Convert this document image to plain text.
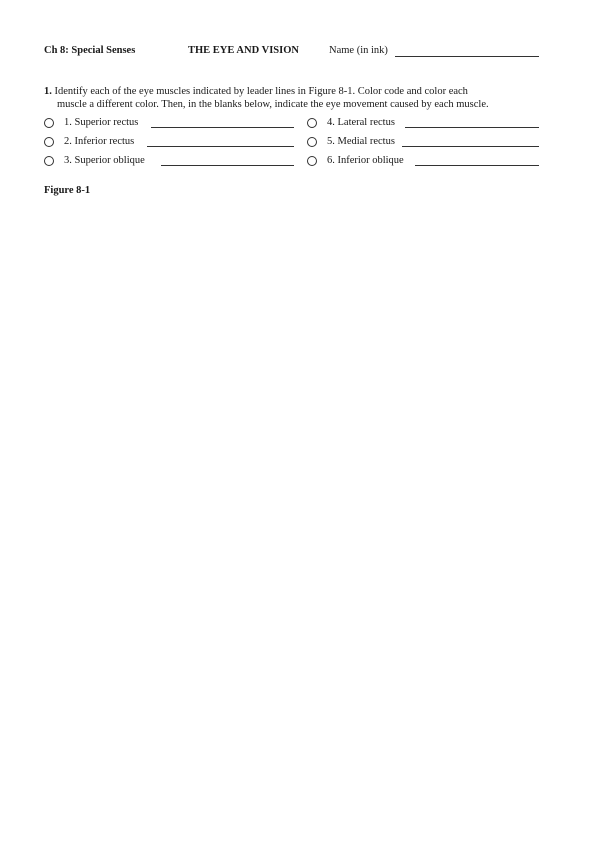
Ch 8: Special Senses	THE EYE AND VISION	Name (in ink)
1. Identify each of the eye muscles indicated by leader lines in Figure 8-1. Color code and color each
muscle a different color. Then, in the blanks below, indicate the eye movement caused by each muscle.
1. Superior rectus
2. Inferior rectus
3. Superior oblique
4. Lateral rectus
5. Medial rectus
6. Inferior oblique
Figure 8-1
